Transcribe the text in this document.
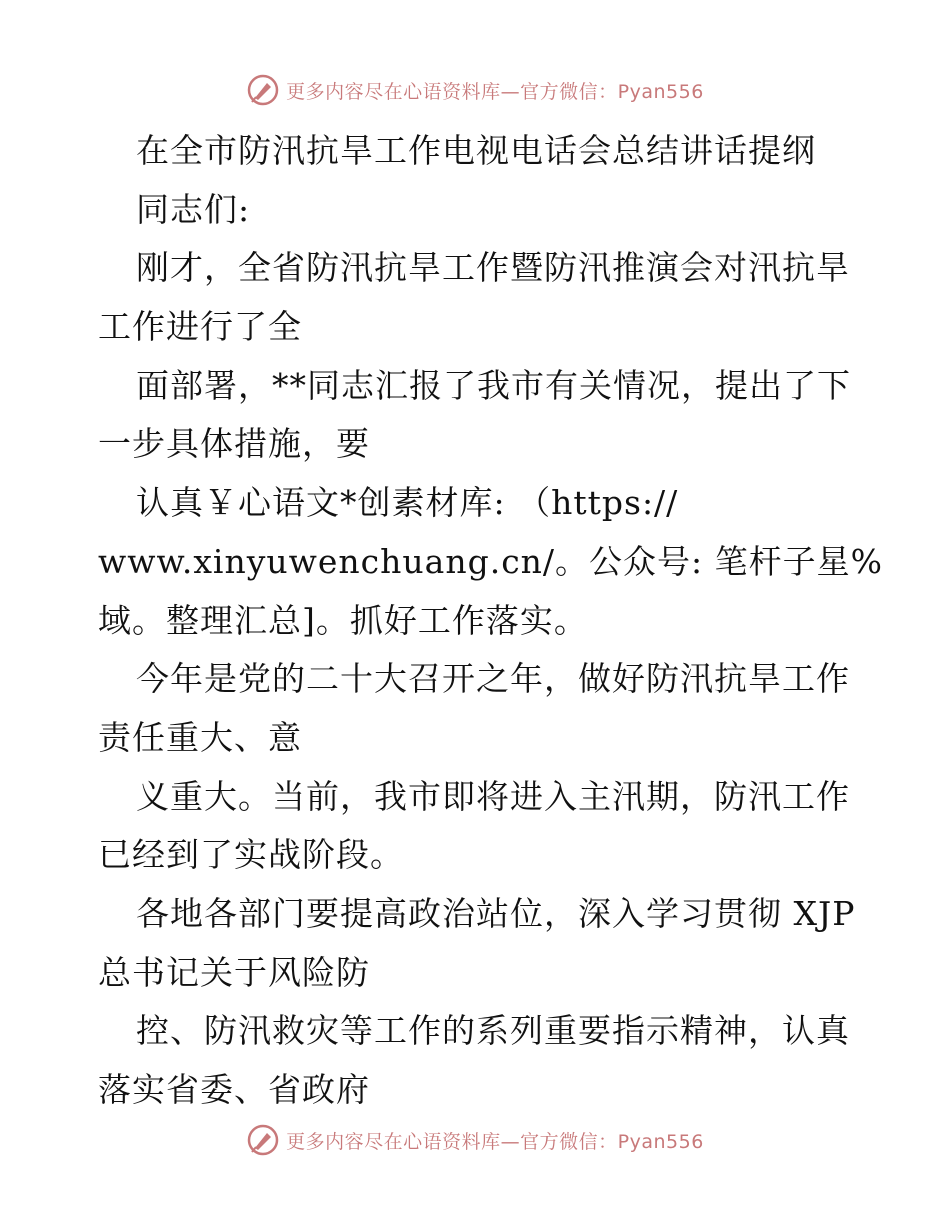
更多内容尽在心语资料库—官方微信：Pyan556
在全市防汛抗旱工作电视电话会总结讲话提纲
同志们:
刚才，全省防汛抗旱工作暨防汛推演会对汛抗旱
工作进行了全
面部署，**同志汇报了我市有关情况，提出了下
一步具体措施，要
认真￥心语文*创素材库: （https://
www.xinyuwenchuang.cn/。公众号: 笔杆子星%
域。整理汇总]。抓好工作落实。
今年是党的二十大召开之年，做好防汛抗旱工作
责任重大、意
义重大。当前，我市即将进入主汛期，防汛工作
已经到了实战阶段。
各地各部门要提高政治站位，深入学习贯彻 XJP
总书记关于风险防
控、防汛救灾等工作的系列重要指示精神，认真
落实省委、省政府
更多内容尽在心语资料库—官方微信：Pyan556
